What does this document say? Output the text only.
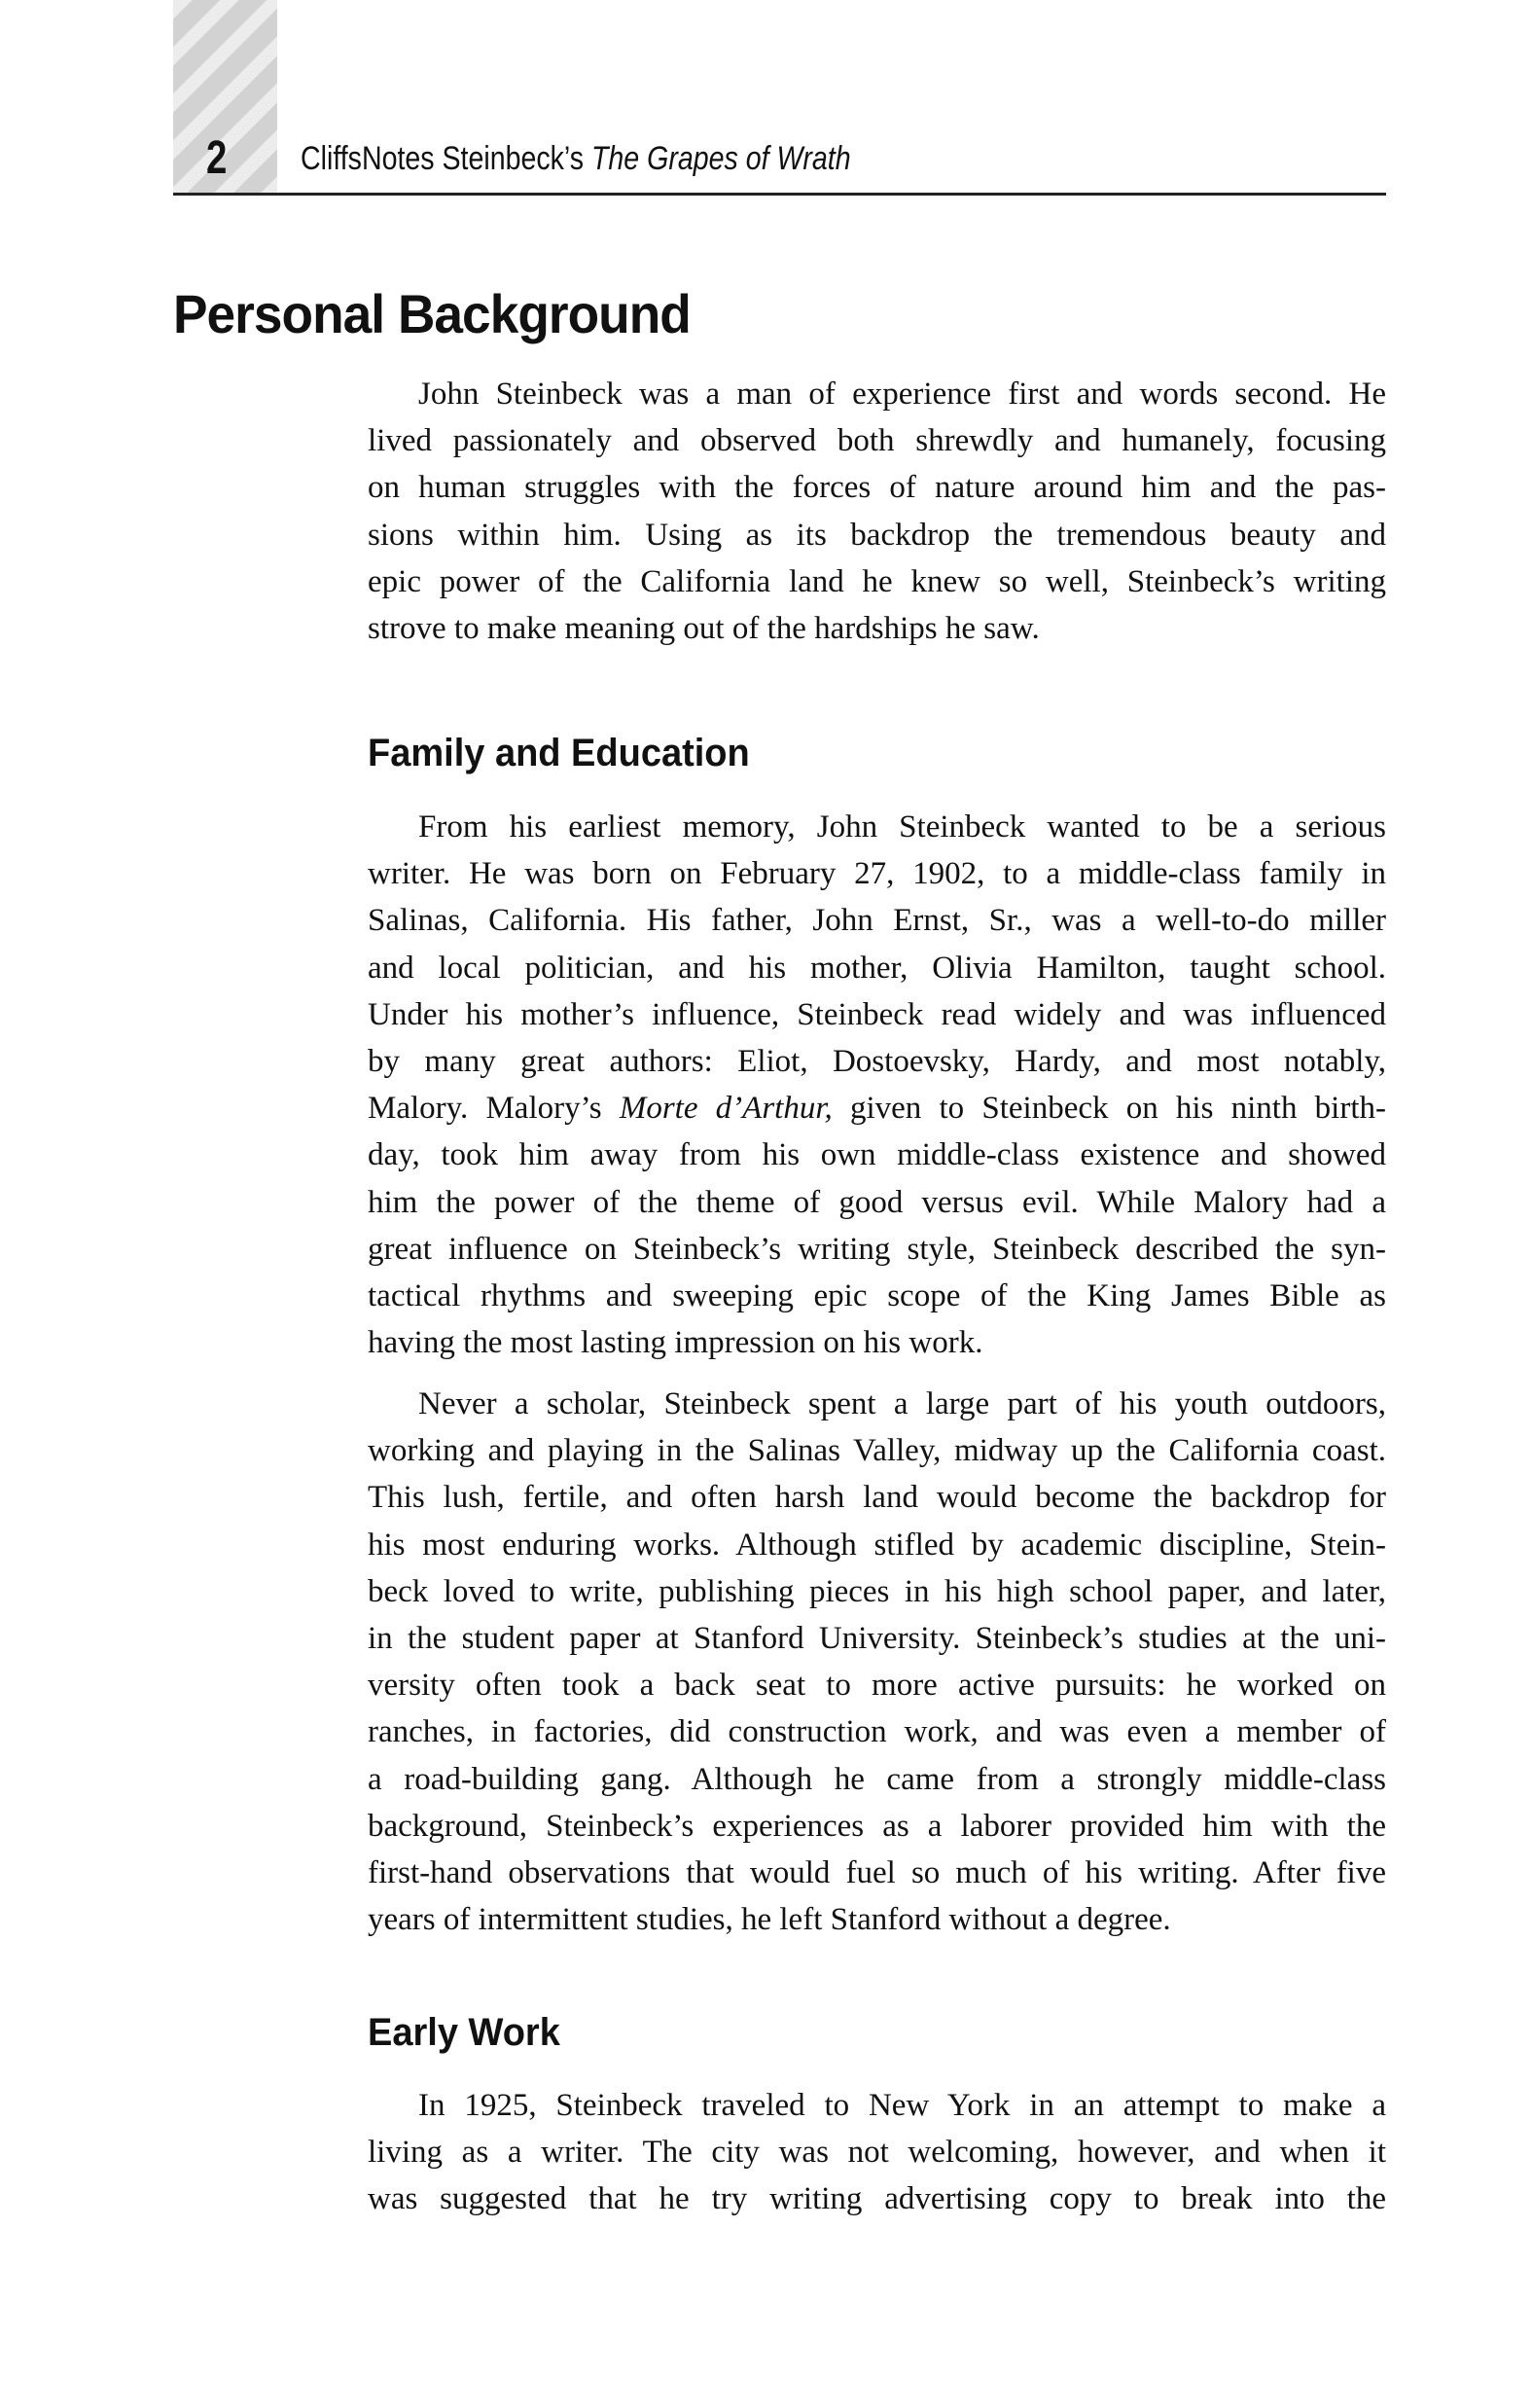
2 CliffsNotes Steinbeck’s The Grapes of Wrath
Personal Background
John Steinbeck was a man of experience first and words second. He
lived passionately and observed both shrewdly and humanely, focusing
on human struggles with the forces of nature around him and the pas-
sions within him. Using as its backdrop the tremendous beauty and
epic power of the California land he knew so well, Steinbeck’s writing
strove to make meaning out of the hardships he saw.
Family and Education
From his earliest memory, John Steinbeck wanted to be a serious
writer. He was born on February 27, 1902, to a middle-class family in
Salinas, California. His father, John Ernst, Sr., was a well-to-do miller
and local politician, and his mother, Olivia Hamilton, taught school.
Under his mother’s influence, Steinbeck read widely and was influenced
by many great authors: Eliot, Dostoevsky, Hardy, and most notably,
Malory. Malory’s Morte d’Arthur, given to Steinbeck on his ninth birth-
day, took him away from his own middle-class existence and showed
him the power of the theme of good versus evil. While Malory had a
great influence on Steinbeck’s writing style, Steinbeck described the syn-
tactical rhythms and sweeping epic scope of the King James Bible as
having the most lasting impression on his work.
Never a scholar, Steinbeck spent a large part of his youth outdoors,
working and playing in the Salinas Valley, midway up the California coast.
This lush, fertile, and often harsh land would become the backdrop for
his most enduring works. Although stifled by academic discipline, Stein-
beck loved to write, publishing pieces in his high school paper, and later,
in the student paper at Stanford University. Steinbeck’s studies at the uni-
versity often took a back seat to more active pursuits: he worked on
ranches, in factories, did construction work, and was even a member of
a road-building gang. Although he came from a strongly middle-class
background, Steinbeck’s experiences as a laborer provided him with the
first-hand observations that would fuel so much of his writing. After five
years of intermittent studies, he left Stanford without a degree.
Early Work
In 1925, Steinbeck traveled to New York in an attempt to make a
living as a writer. The city was not welcoming, however, and when it
was suggested that he try writing advertising copy to break into the
